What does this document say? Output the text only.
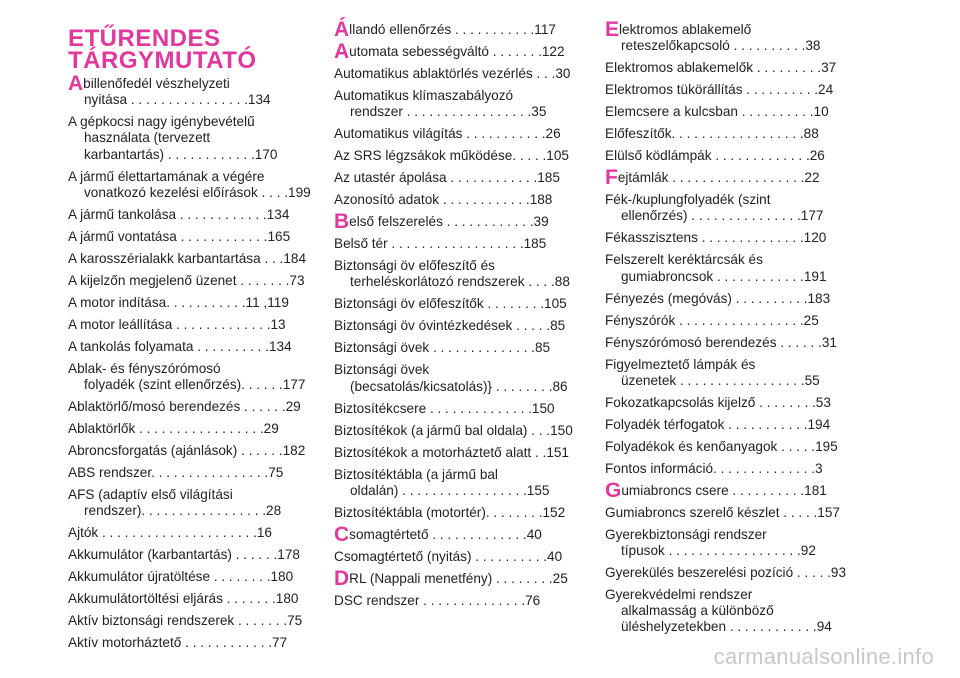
ETŰRENDES
TÁRGYMUTATÓ
Abillenőfedél vészhelyzeti
nyitása . . . . . . . . . . . . . . . .134
A gépkocsi nagy igénybevételű
használata (tervezett
karbantartás) . . . . . . . . . . . .170
A jármű élettartamának a végére
vonatkozó kezelési előírások . . . .199
A jármű tankolása . . . . . . . . . . . .134
A jármű vontatása . . . . . . . . . . . .165
A karosszérialakk karbantartása . . .184
A kijelzőn megjelenő üzenet . . . . . . .73
A motor indítása. . . . . . . . . . .11 ,119
A motor leállítása . . . . . . . . . . . . .13
A tankolás folyamata . . . . . . . . . .134
Ablak- és fényszórómosó
folyadék (szint ellenőrzés). . . . . .177
Ablaktörlő/mosó berendezés . . . . . .29
Ablaktörlők . . . . . . . . . . . . . . . . .29
Abroncsforgatás (ajánlások) . . . . . .182
ABS rendszer. . . . . . . . . . . . . . . .75
AFS (adaptív első világítási
rendszer). . . . . . . . . . . . . . . . .28
Ajtók . . . . . . . . . . . . . . . . . . . . .16
Akkumulátor (karbantartás) . . . . . .178
Akkumulátor újratöltése . . . . . . . .180
Akkumulátortöltési eljárás . . . . . . .180
Aktív biztonsági rendszerek . . . . . . .75
Aktív motorháztető . . . . . . . . . . . .77
Állandó ellenőrzés . . . . . . . . . . .117
Automata sebességváltó . . . . . . .122
Automatikus ablaktörlés vezérlés . . .30
Automatikus klímaszabályozó
rendszer . . . . . . . . . . . . . . . . .35
Automatikus világítás . . . . . . . . . . .26
Az SRS légzsákok működése. . . . .105
Az utastér ápolása . . . . . . . . . . . .185
Azonosító adatok . . . . . . . . . . . .188
Belső felszerelés . . . . . . . . . . . .39
Belső tér . . . . . . . . . . . . . . . . . .185
Biztonsági öv előfeszítő és
terheléskorlátozó rendszerek . . . .88
Biztonsági öv előfeszítők . . . . . . . .105
Biztonsági öv óvintézkedések . . . . .85
Biztonsági övek . . . . . . . . . . . . . .85
Biztonsági övek
(becsatolás/kicsatolás)} . . . . . . . .86
Biztosítékcsere . . . . . . . . . . . . . .150
Biztosítékok (a jármű bal oldala) . . .150
Biztosítékok a motorháztető alatt . .151
Biztosítéktábla (a jármű bal
oldalán) . . . . . . . . . . . . . . . . .155
Biztosítéktábla (motortér). . . . . . . .152
Csomagtértető . . . . . . . . . . . . .40
Csomagtértető (nyitás) . . . . . . . . . .40
DRL (Nappali menetfény) . . . . . . . .25
DSC rendszer . . . . . . . . . . . . . .76
Elektromos ablakemelő
reteszelőkapcsoló . . . . . . . . . .38
Elektromos ablakemelők . . . . . . . . .37
Elektromos tükörállítás . . . . . . . . . .24
Elemcsere a kulcsban . . . . . . . . . .10
Előfeszítők. . . . . . . . . . . . . . . . . .88
Elülső ködlámpák . . . . . . . . . . . . .26
Fejtámlák . . . . . . . . . . . . . . . . . .22
Fék-/kuplungfolyadék (szint
ellenőrzés) . . . . . . . . . . . . . . .177
Fékasszisztens . . . . . . . . . . . . . .120
Felszerelt keréktárcsák és
gumiabroncsok . . . . . . . . . . . .191
Fényezés (megóvás) . . . . . . . . . .183
Fényszórók . . . . . . . . . . . . . . . . .25
Fényszórómosó berendezés . . . . . .31
Figyelmeztető lámpák és
üzenetek . . . . . . . . . . . . . . . . .55
Fokozatkapcsolás kijelző . . . . . . . .53
Folyadék térfogatok . . . . . . . . . . .194
Folyadékok és kenőanyagok . . . . .195
Fontos információ. . . . . . . . . . . . . .3
Gumiabroncs csere . . . . . . . . . .181
Gumiabroncs szerelő készlet . . . . .157
Gyerekbiztonsági rendszer
típusok . . . . . . . . . . . . . . . . . .92
Gyerekülés beszerelési pozíció . . . . .93
Gyerekvédelmi rendszer
alkalmasság a különböző
üléshelyzetekben . . . . . . . . . . . .94
carmanualsonline.info
